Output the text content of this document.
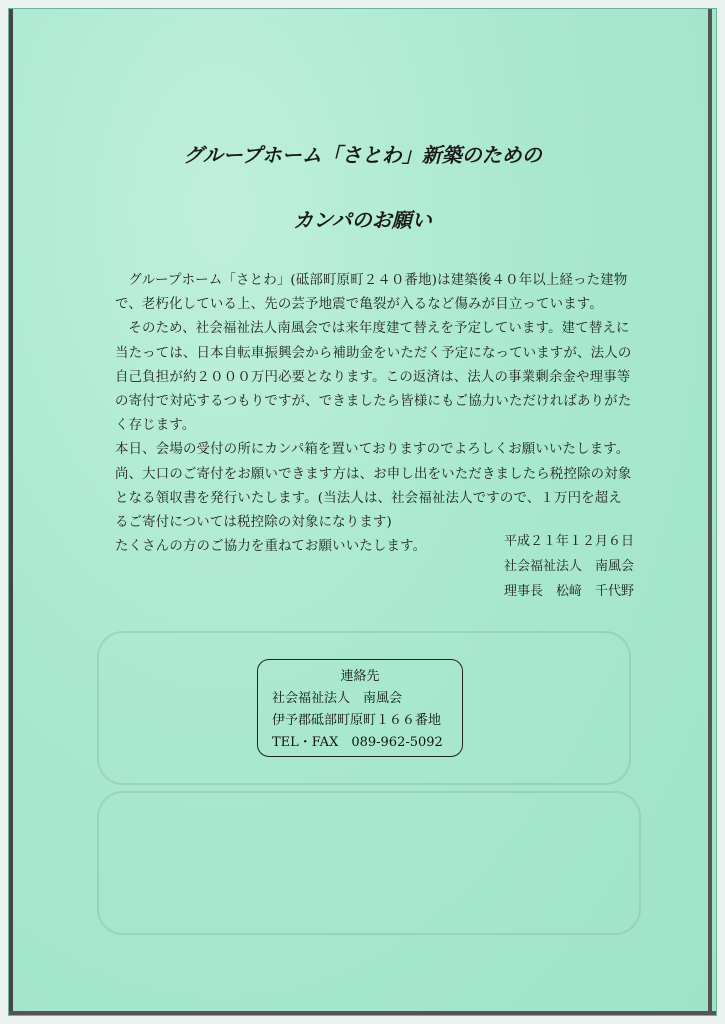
グループホーム「さとわ」新築のための
カンパのお願い

グループホーム「さとわ」(砥部町原町２４０番地)は建築後４０年以上経った建物で、老朽化している上、先の芸予地震で亀裂が入るなど傷みが目立っています。

そのため、社会福祉法人南風会では来年度建て替えを予定しています。建て替えに当たっては、日本自転車振興会から補助金をいただく予定になっていますが、法人の自己負担が約２０００万円必要となります。この返済は、法人の事業剰余金や理事等の寄付で対応するつもりですが、できましたら皆様にもご協力いただければありがたく存じます。

本日、会場の受付の所にカンパ箱を置いておりますのでよろしくお願いいたします。

尚、大口のご寄付をお願いできます方は、お申し出をいただきましたら税控除の対象となる領収書を発行いたします。(当法人は、社会福祉法人ですので、１万円を超えるご寄付については税控除の対象になります)

たくさんの方のご協力を重ねてお願いいたします。	平成２１年１２月６日
社会福祉法人　南風会
理事長　松﨑　千代野
連絡先
社会福祉法人　南風会
伊予郡砥部町原町１６６番地
TEL・FAX　089-962-5092
